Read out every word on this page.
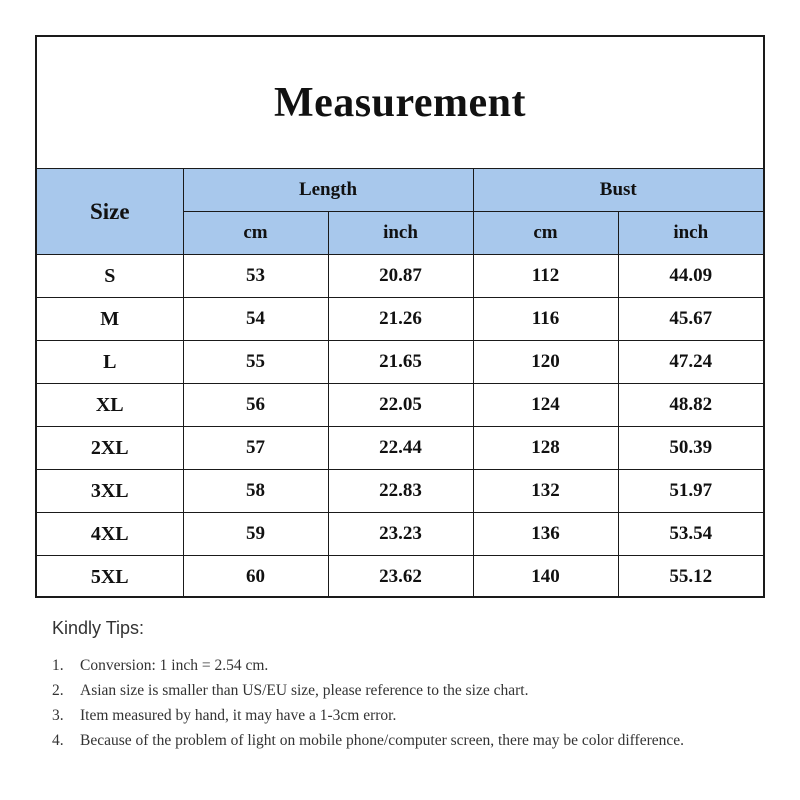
Measurement
Size	Length		Bust	
	cm	inch	cm	inch
S	53	20.87	112	44.09
M	54	21.26	116	45.67
L	55	21.65	120	47.24
XL	56	22.05	124	48.82
2XL	57	22.44	128	50.39
3XL	58	22.83	132	51.97
4XL	59	23.23	136	53.54
5XL	60	23.62	140	55.12
Kindly Tips:
1.	Conversion: 1 inch = 2.54 cm.
2.	Asian size is smaller than US/EU size, please reference to the size chart.
3.	Item measured by hand, it may have a 1-3cm error.
4.	Because of the problem of light on mobile phone/computer screen, there may be color difference.
